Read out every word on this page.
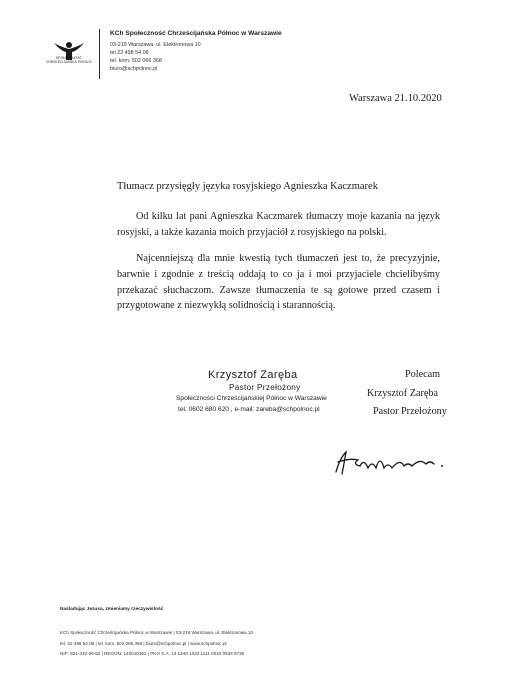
SPOŁECZNOŚĆ CHRZEŚCIJAŃSKA PÓŁNOC
KCh Społeczność Chrześcijańska Północ w Warszawie
03-219 Warszawa, ul. Elektronowa 10
tel 22 498 54 08
tel. kom. 502 066 368
biuro@schpolnoc.pl
Warszawa 21.10.2020
Tłumacz przysięgły języka rosyjskiego Agnieszka Kaczmarek
Od kilku lat pani Agnieszka Kaczmarek tłumaczy moje kazania na język rosyjski, a także kazania moich przyjaciół z rosyjskiego na polski.
Najcenniejszą dla mnie kwestią tych tłumaczeń jest to, że precyzyjnie, barwnie i zgodnie z treścią oddają to co ja i moi przyjaciele chcielibyśmy przekazać słuchaczom. Zawsze tłumaczenia te są gotowe przed czasem i przygotowane z niezwykłą solidnością i starannością.
Krzysztof Zaręba
Pastor Przełożony
Społeczności Chrześcijańskiej Północ w Warszawie
tel. 0602 680 620 , e-mail: zareba@schpolnoc.pl
Polecam
Krzysztof Zaręba
Pastor Przełożony
Naśladując Jezusa, zmieniamy rzeczywistość
KCh Społeczność Chrześcijańska Północ w Warszawie | 03-219 Warszawa, ul. Elektronowa 10
tel. 22 498 54 08 | tel. kom. 502 066 368 | biuro@schpolnoc.pl | www.schpolnoc.pl
NIP: 521-332-58-52 | REGON: 140010363 | PKO S.A. 13 1240 1032 1111 0010 0533 8736
